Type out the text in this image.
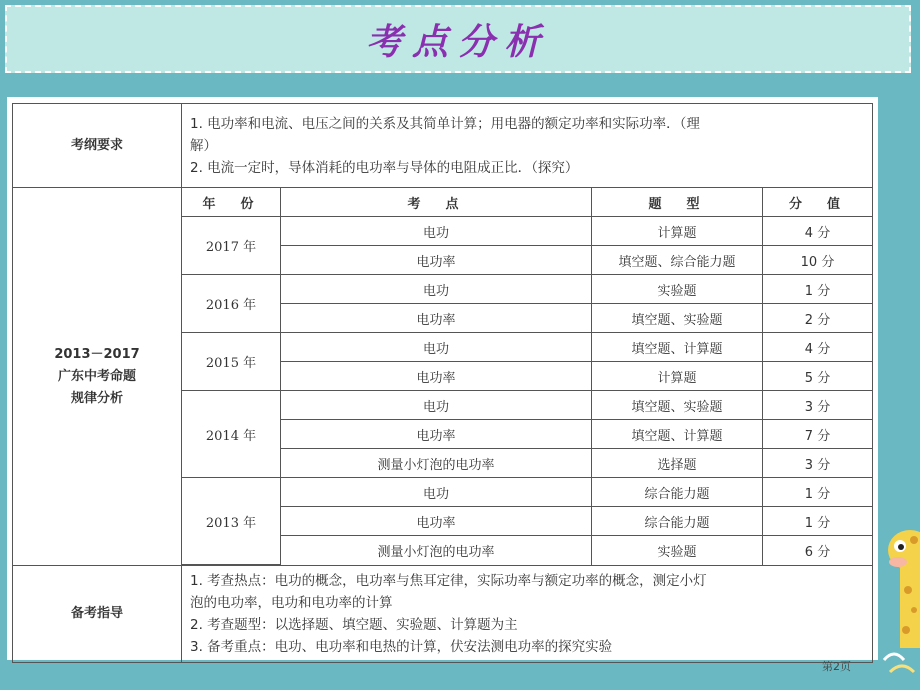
考点分析
考纲要求	
1. 电功率和电流、电压之间的关系及其简单计算；用电器的额定功率和实际功率．（理
解）
2. 电流一定时，导体消耗的电功率与导体的电阻成正比．（探究）

2013－2017
广东中考命题
规律分析

年　份	考　点	题　型	分　值
2017 年	电功	计算题	4 分
电功率	填空题、综合能力题	10 分
2016 年	电功	实验题	1 分
电功率	填空题、实验题	2 分
2015 年	电功	填空题、计算题	4 分
电功率	计算题	5 分
2014 年	电功	填空题、实验题	3 分
电功率	填空题、计算题	7 分
测量小灯泡的电功率	选择题	3 分
2013 年	电功	综合能力题	1 分
电功率	综合能力题	1 分
测量小灯泡的电功率	实验题	6 分

备考指导	
1. 考查热点：电功的概念，电功率与焦耳定律，实际功率与额定功率的概念，测定小灯
泡的电功率，电功和电功率的计算
2. 考查题型：以选择题、填空题、实验题、计算题为主
3. 备考重点：电功、电功率和电热的计算，伏安法测电功率的探究实验
第2页
